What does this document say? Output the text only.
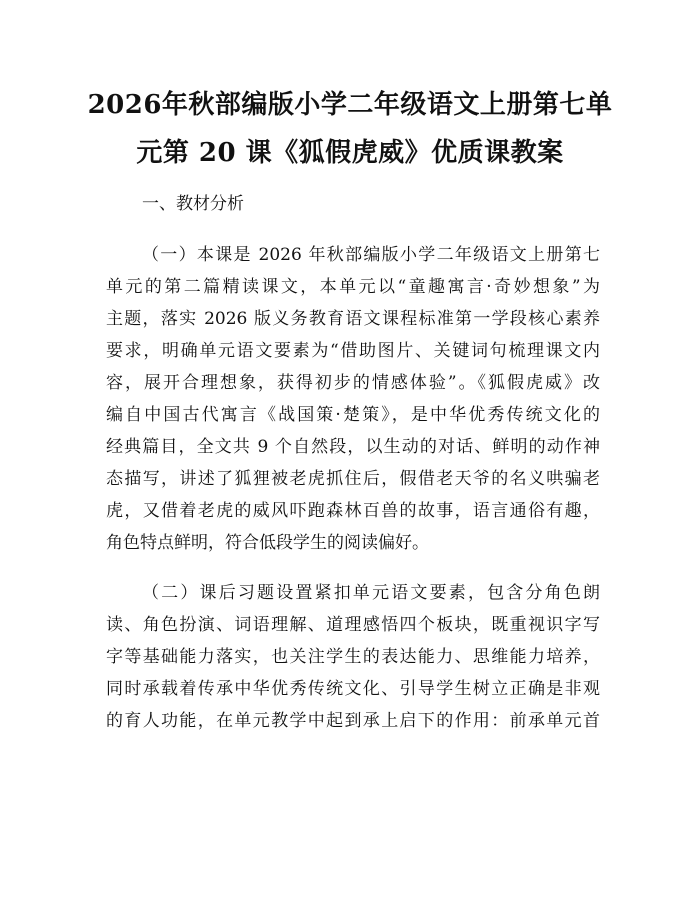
2026年秋部编版小学二年级语文上册第七单
元第 20 课《狐假虎威》优质课教案
一、教材分析
（一）本课是 2026 年秋部编版小学二年级语文上册第七
单元的第二篇精读课文，本单元以“童趣寓言·奇妙想象”为
主题，落实 2026 版义务教育语文课程标准第一学段核心素养
要求，明确单元语文要素为“借助图片、关键词句梳理课文内
容，展开合理想象，获得初步的情感体验”。《狐假虎威》改
编自中国古代寓言《战国策·楚策》，是中华优秀传统文化的
经典篇目，全文共 9 个自然段，以生动的对话、鲜明的动作神
态描写，讲述了狐狸被老虎抓住后，假借老天爷的名义哄骗老
虎，又借着老虎的威风吓跑森林百兽的故事，语言通俗有趣，
角色特点鲜明，符合低段学生的阅读偏好。
（二）课后习题设置紧扣单元语文要素，包含分角色朗
读、角色扮演、词语理解、道理感悟四个板块，既重视识字写
字等基础能力落实，也关注学生的表达能力、思维能力培养，
同时承载着传承中华优秀传统文化、引导学生树立正确是非观
的育人功能，在单元教学中起到承上启下的作用：前承单元首
